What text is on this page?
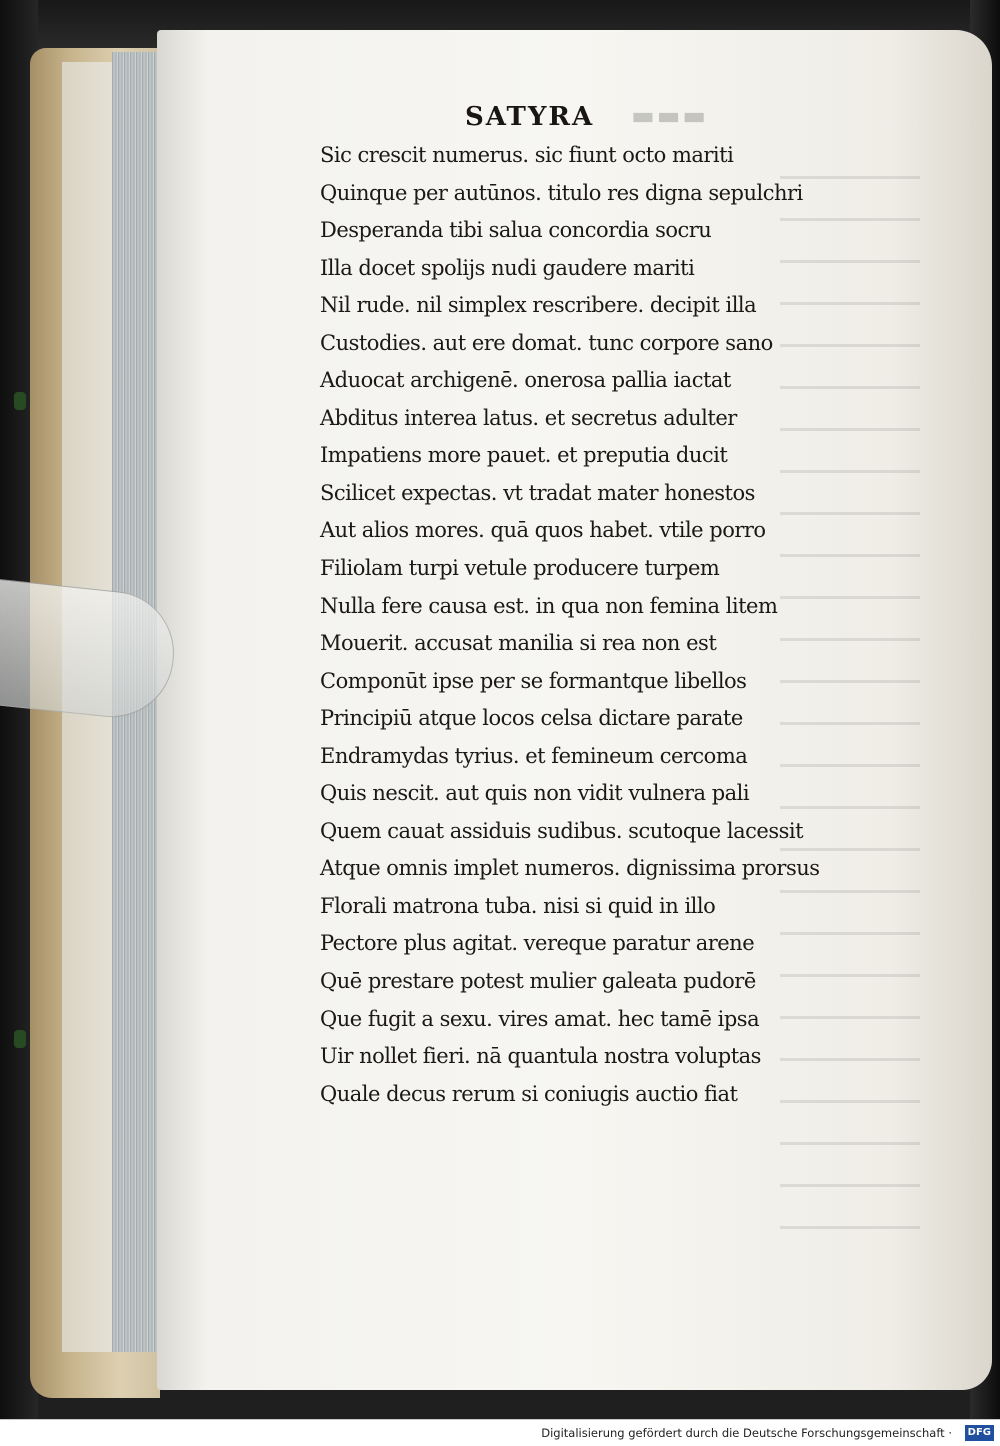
▬▬▬
SATYRA
Sic crescit numerus. sic fiunt octo mariti
Quinque per autūnos. titulo res digna sepulchri
Desperanda tibi salua concordia socru
Illa docet spolijs nudi gaudere mariti
Nil rude. nil simplex rescribere. decipit illa
Custodies. aut ere domat. tunc corpore sano
Aduocat archigenē. onerosa pallia iactat
Abditus interea latus. et secretus adulter
Impatiens more pauet. et preputia ducit
Scilicet expectas. vt tradat mater honestos
Aut alios mores. quā quos habet. vtile porro
Filiolam turpi vetule producere turpem
Nulla fere causa est. in qua non femina litem
Mouerit. accusat manilia si rea non est
Componūt ipse per se formantque libellos
Principiū atque locos celsa dictare parate
Endramydas tyrius. et femineum cercoma
Quis nescit. aut quis non vidit vulnera pali
Quem cauat assiduis sudibus. scutoque lacessit
Atque omnis implet numeros. dignissima prorsus
Florali matrona tuba. nisi si quid in illo
Pectore plus agitat. vereque paratur arene
Quē prestare potest mulier galeata pudorē
Que fugit a sexu. vires amat. hec tamē ipsa
Uir nollet fieri. nā quantula nostra voluptas
Quale decus rerum si coniugis auctio fiat
Digitalisierung gefördert durch die Deutsche Forschungsgemeinschaft ·	DFG
